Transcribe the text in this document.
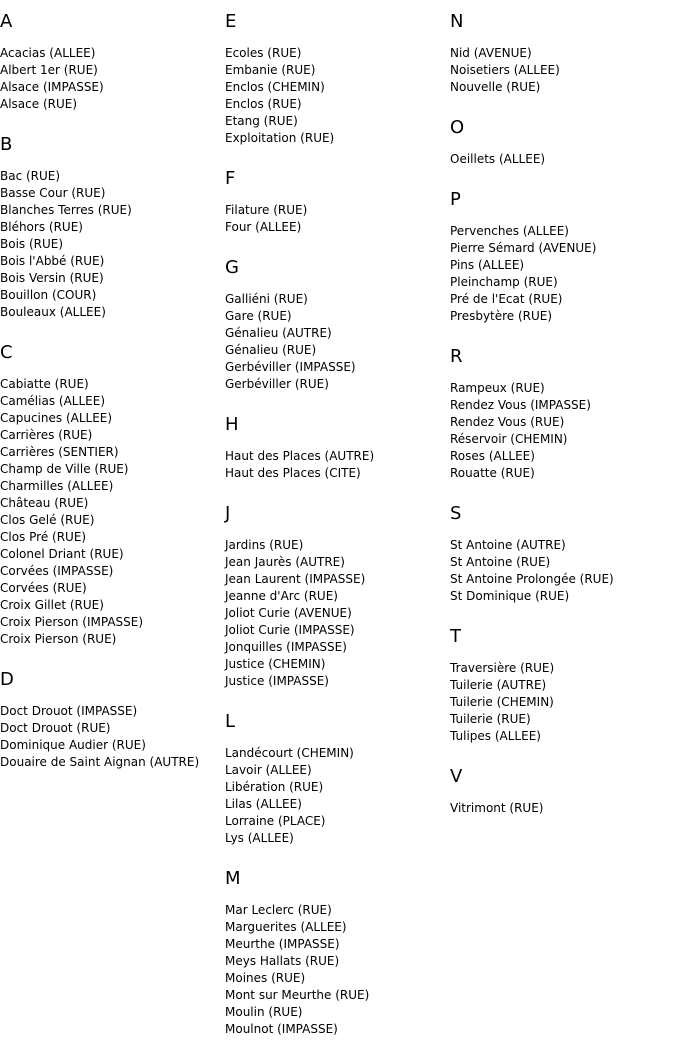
A
Acacias (ALLEE)
Albert 1er (RUE)
Alsace (IMPASSE)
Alsace (RUE)
B
Bac (RUE)
Basse Cour (RUE)
Blanches Terres (RUE)
Bléhors (RUE)
Bois (RUE)
Bois l'Abbé (RUE)
Bois Versin (RUE)
Bouillon (COUR)
Bouleaux (ALLEE)
C
Cabiatte (RUE)
Camélias (ALLEE)
Capucines (ALLEE)
Carrières (RUE)
Carrières (SENTIER)
Champ de Ville (RUE)
Charmilles (ALLEE)
Château (RUE)
Clos Gelé (RUE)
Clos Pré (RUE)
Colonel Driant (RUE)
Corvées (IMPASSE)
Corvées (RUE)
Croix Gillet (RUE)
Croix Pierson (IMPASSE)
Croix Pierson (RUE)
D
Doct Drouot (IMPASSE)
Doct Drouot (RUE)
Dominique Audier (RUE)
Douaire de Saint Aignan (AUTRE)
E
Ecoles (RUE)
Embanie (RUE)
Enclos (CHEMIN)
Enclos (RUE)
Etang (RUE)
Exploitation (RUE)
F
Filature (RUE)
Four (ALLEE)
G
Galliéni (RUE)
Gare (RUE)
Génalieu (AUTRE)
Génalieu (RUE)
Gerbéviller (IMPASSE)
Gerbéviller (RUE)
H
Haut des Places (AUTRE)
Haut des Places (CITE)
J
Jardins (RUE)
Jean Jaurès (AUTRE)
Jean Laurent (IMPASSE)
Jeanne d'Arc (RUE)
Joliot Curie (AVENUE)
Joliot Curie (IMPASSE)
Jonquilles (IMPASSE)
Justice (CHEMIN)
Justice (IMPASSE)
L
Landécourt (CHEMIN)
Lavoir (ALLEE)
Libération (RUE)
Lilas (ALLEE)
Lorraine (PLACE)
Lys (ALLEE)
M
Mar Leclerc (RUE)
Marguerites (ALLEE)
Meurthe (IMPASSE)
Meys Hallats (RUE)
Moines (RUE)
Mont sur Meurthe (RUE)
Moulin (RUE)
Moulnot (IMPASSE)
N
Nid (AVENUE)
Noisetiers (ALLEE)
Nouvelle (RUE)
O
Oeillets (ALLEE)
P
Pervenches (ALLEE)
Pierre Sémard (AVENUE)
Pins (ALLEE)
Pleinchamp (RUE)
Pré de l'Ecat (RUE)
Presbytère (RUE)
R
Rampeux (RUE)
Rendez Vous (IMPASSE)
Rendez Vous (RUE)
Réservoir (CHEMIN)
Roses (ALLEE)
Rouatte (RUE)
S
St Antoine (AUTRE)
St Antoine (RUE)
St Antoine Prolongée (RUE)
St Dominique (RUE)
T
Traversière (RUE)
Tuilerie (AUTRE)
Tuilerie (CHEMIN)
Tuilerie (RUE)
Tulipes (ALLEE)
V
Vitrimont (RUE)
